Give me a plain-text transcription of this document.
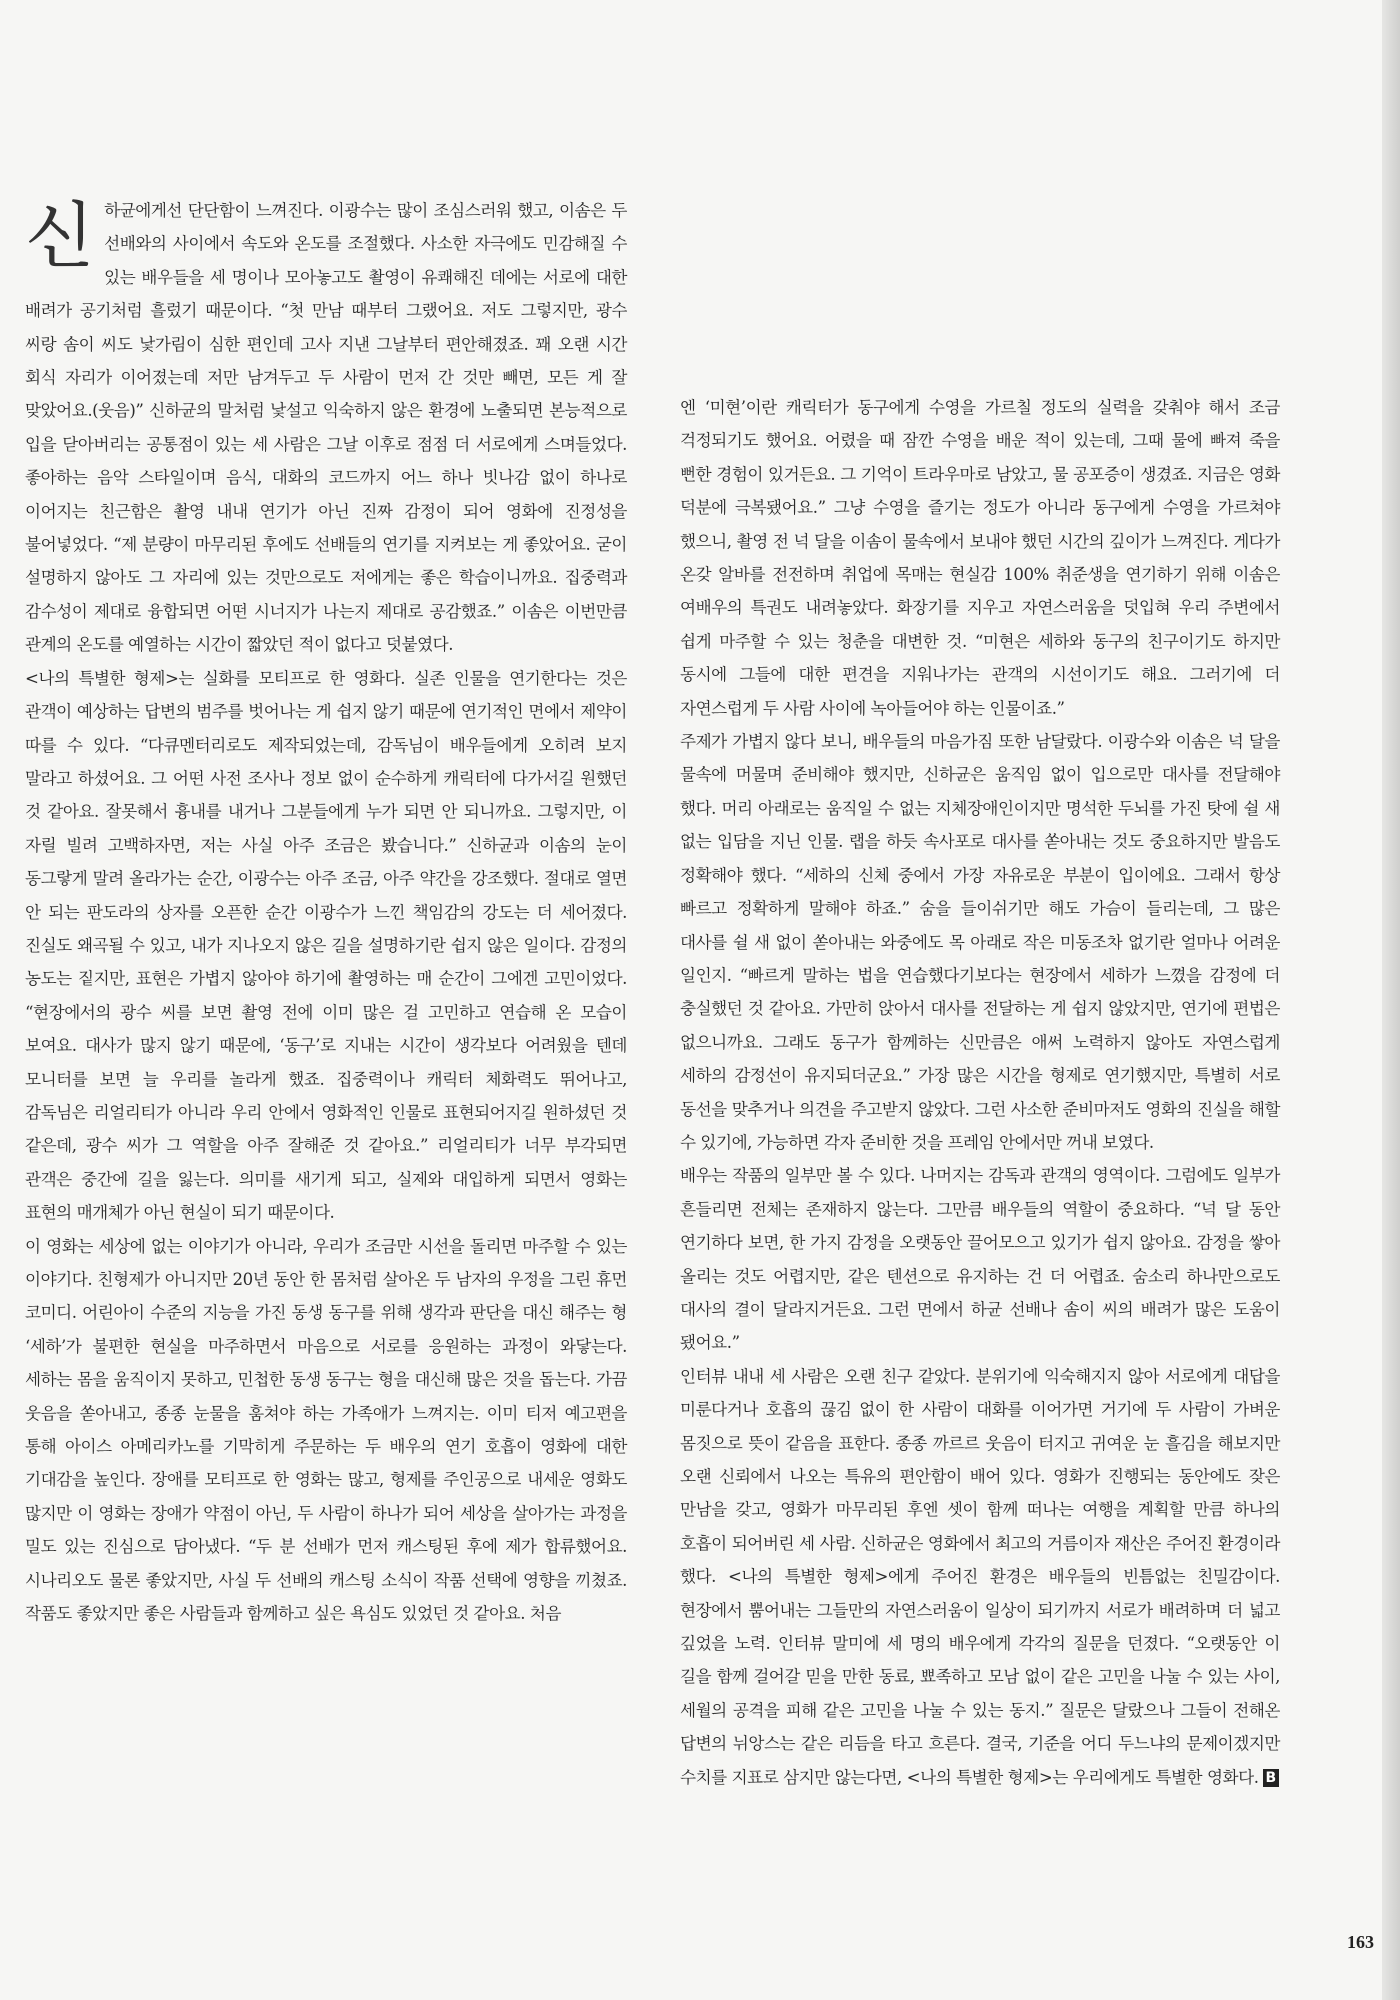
신하균에게선 단단함이 느껴진다. 이광수는 많이 조심스러워 했고, 이솜은 두 선배와의 사이에서 속도와 온도를 조절했다. 사소한 자극에도 민감해질 수 있는 배우들을 세 명이나 모아놓고도 촬영이 유쾌해진 데에는 서로에 대한 배려가 공기처럼 흘렀기 때문이다. “첫 만남 때부터 그랬어요. 저도 그렇지만, 광수 씨랑 솜이 씨도 낯가림이 심한 편인데 고사 지낸 그날부터 편안해졌죠. 꽤 오랜 시간 회식 자리가 이어졌는데 저만 남겨두고 두 사람이 먼저 간 것만 빼면, 모든 게 잘 맞았어요.(웃음)” 신하균의 말처럼 낯설고 익숙하지 않은 환경에 노출되면 본능적으로 입을 닫아버리는 공통점이 있는 세 사람은 그날 이후로 점점 더 서로에게 스며들었다. 좋아하는 음악 스타일이며 음식, 대화의 코드까지 어느 하나 빗나감 없이 하나로 이어지는 친근함은 촬영 내내 연기가 아닌 진짜 감정이 되어 영화에 진정성을 불어넣었다. “제 분량이 마무리된 후에도 선배들의 연기를 지켜보는 게 좋았어요. 굳이 설명하지 않아도 그 자리에 있는 것만으로도 저에게는 좋은 학습이니까요. 집중력과 감수성이 제대로 융합되면 어떤 시너지가 나는지 제대로 공감했죠.” 이솜은 이번만큼 관계의 온도를 예열하는 시간이 짧았던 적이 없다고 덧붙였다.

<나의 특별한 형제>는 실화를 모티프로 한 영화다. 실존 인물을 연기한다는 것은 관객이 예상하는 답변의 범주를 벗어나는 게 쉽지 않기 때문에 연기적인 면에서 제약이 따를 수 있다. “다큐멘터리로도 제작되었는데, 감독님이 배우들에게 오히려 보지 말라고 하셨어요. 그 어떤 사전 조사나 정보 없이 순수하게 캐릭터에 다가서길 원했던 것 같아요. 잘못해서 흉내를 내거나 그분들에게 누가 되면 안 되니까요. 그렇지만, 이 자릴 빌려 고백하자면, 저는 사실 아주 조금은 봤습니다.” 신하균과 이솜의 눈이 동그랗게 말려 올라가는 순간, 이광수는 아주 조금, 아주 약간을 강조했다. 절대로 열면 안 되는 판도라의 상자를 오픈한 순간 이광수가 느낀 책임감의 강도는 더 세어졌다. 진실도 왜곡될 수 있고, 내가 지나오지 않은 길을 설명하기란 쉽지 않은 일이다. 감정의 농도는 짙지만, 표현은 가볍지 않아야 하기에 촬영하는 매 순간이 그에겐 고민이었다. “현장에서의 광수 씨를 보면 촬영 전에 이미 많은 걸 고민하고 연습해 온 모습이 보여요. 대사가 많지 않기 때문에, ‘동구’로 지내는 시간이 생각보다 어려웠을 텐데 모니터를 보면 늘 우리를 놀라게 했죠. 집중력이나 캐릭터 체화력도 뛰어나고, 감독님은 리얼리티가 아니라 우리 안에서 영화적인 인물로 표현되어지길 원하셨던 것 같은데, 광수 씨가 그 역할을 아주 잘해준 것 같아요.” 리얼리티가 너무 부각되면 관객은 중간에 길을 잃는다. 의미를 새기게 되고, 실제와 대입하게 되면서 영화는 표현의 매개체가 아닌 현실이 되기 때문이다.

이 영화는 세상에 없는 이야기가 아니라, 우리가 조금만 시선을 돌리면 마주할 수 있는 이야기다. 친형제가 아니지만 20년 동안 한 몸처럼 살아온 두 남자의 우정을 그린 휴먼 코미디. 어린아이 수준의 지능을 가진 동생 동구를 위해 생각과 판단을 대신 해주는 형 ‘세하’가 불편한 현실을 마주하면서 마음으로 서로를 응원하는 과정이 와닿는다. 세하는 몸을 움직이지 못하고, 민첩한 동생 동구는 형을 대신해 많은 것을 돕는다. 가끔 웃음을 쏟아내고, 종종 눈물을 훔쳐야 하는 가족애가 느껴지는. 이미 티저 예고편을 통해 아이스 아메리카노를 기막히게 주문하는 두 배우의 연기 호흡이 영화에 대한 기대감을 높인다. 장애를 모티프로 한 영화는 많고, 형제를 주인공으로 내세운 영화도 많지만 이 영화는 장애가 약점이 아닌, 두 사람이 하나가 되어 세상을 살아가는 과정을 밀도 있는 진심으로 담아냈다. “두 분 선배가 먼저 캐스팅된 후에 제가 합류했어요. 시나리오도 물론 좋았지만, 사실 두 선배의 캐스팅 소식이 작품 선택에 영향을 끼쳤죠. 작품도 좋았지만 좋은 사람들과 함께하고 싶은 욕심도 있었던 것 같아요. 처음

엔 ‘미현’이란 캐릭터가 동구에게 수영을 가르칠 정도의 실력을 갖춰야 해서 조금 걱정되기도 했어요. 어렸을 때 잠깐 수영을 배운 적이 있는데, 그때 물에 빠져 죽을 뻔한 경험이 있거든요. 그 기억이 트라우마로 남았고, 물 공포증이 생겼죠. 지금은 영화 덕분에 극복됐어요.” 그냥 수영을 즐기는 정도가 아니라 동구에게 수영을 가르쳐야 했으니, 촬영 전 넉 달을 이솜이 물속에서 보내야 했던 시간의 깊이가 느껴진다. 게다가 온갖 알바를 전전하며 취업에 목매는 현실감 100% 취준생을 연기하기 위해 이솜은 여배우의 특권도 내려놓았다. 화장기를 지우고 자연스러움을 덧입혀 우리 주변에서 쉽게 마주할 수 있는 청춘을 대변한 것. “미현은 세하와 동구의 친구이기도 하지만 동시에 그들에 대한 편견을 지워나가는 관객의 시선이기도 해요. 그러기에 더 자연스럽게 두 사람 사이에 녹아들어야 하는 인물이죠.”

주제가 가볍지 않다 보니, 배우들의 마음가짐 또한 남달랐다. 이광수와 이솜은 넉 달을 물속에 머물며 준비해야 했지만, 신하균은 움직임 없이 입으로만 대사를 전달해야 했다. 머리 아래로는 움직일 수 없는 지체장애인이지만 명석한 두뇌를 가진 탓에 쉴 새 없는 입담을 지닌 인물. 랩을 하듯 속사포로 대사를 쏟아내는 것도 중요하지만 발음도 정확해야 했다. “세하의 신체 중에서 가장 자유로운 부분이 입이에요. 그래서 항상 빠르고 정확하게 말해야 하죠.” 숨을 들이쉬기만 해도 가슴이 들리는데, 그 많은 대사를 쉴 새 없이 쏟아내는 와중에도 목 아래로 작은 미동조차 없기란 얼마나 어려운 일인지. “빠르게 말하는 법을 연습했다기보다는 현장에서 세하가 느꼈을 감정에 더 충실했던 것 같아요. 가만히 앉아서 대사를 전달하는 게 쉽지 않았지만, 연기에 편법은 없으니까요. 그래도 동구가 함께하는 신만큼은 애써 노력하지 않아도 자연스럽게 세하의 감정선이 유지되더군요.” 가장 많은 시간을 형제로 연기했지만, 특별히 서로 동선을 맞추거나 의견을 주고받지 않았다. 그런 사소한 준비마저도 영화의 진실을 해할 수 있기에, 가능하면 각자 준비한 것을 프레임 안에서만 꺼내 보였다.

배우는 작품의 일부만 볼 수 있다. 나머지는 감독과 관객의 영역이다. 그럼에도 일부가 흔들리면 전체는 존재하지 않는다. 그만큼 배우들의 역할이 중요하다. “넉 달 동안 연기하다 보면, 한 가지 감정을 오랫동안 끌어모으고 있기가 쉽지 않아요. 감정을 쌓아 올리는 것도 어렵지만, 같은 텐션으로 유지하는 건 더 어렵죠. 숨소리 하나만으로도 대사의 결이 달라지거든요. 그런 면에서 하균 선배나 솜이 씨의 배려가 많은 도움이 됐어요.”

인터뷰 내내 세 사람은 오랜 친구 같았다. 분위기에 익숙해지지 않아 서로에게 대답을 미룬다거나 호흡의 끊김 없이 한 사람이 대화를 이어가면 거기에 두 사람이 가벼운 몸짓으로 뜻이 같음을 표한다. 종종 까르르 웃음이 터지고 귀여운 눈 흘김을 해보지만 오랜 신뢰에서 나오는 특유의 편안함이 배어 있다. 영화가 진행되는 동안에도 잦은 만남을 갖고, 영화가 마무리된 후엔 셋이 함께 떠나는 여행을 계획할 만큼 하나의 호흡이 되어버린 세 사람. 신하균은 영화에서 최고의 거름이자 재산은 주어진 환경이라 했다. <나의 특별한 형제>에게 주어진 환경은 배우들의 빈틈없는 친밀감이다. 현장에서 뿜어내는 그들만의 자연스러움이 일상이 되기까지 서로가 배려하며 더 넓고 깊었을 노력. 인터뷰 말미에 세 명의 배우에게 각각의 질문을 던졌다. “오랫동안 이 길을 함께 걸어갈 믿을 만한 동료, 뾰족하고 모남 없이 같은 고민을 나눌 수 있는 사이, 세월의 공격을 피해 같은 고민을 나눌 수 있는 동지.” 질문은 달랐으나 그들이 전해온 답변의 뉘앙스는 같은 리듬을 타고 흐른다. 결국, 기준을 어디 두느냐의 문제이겠지만 수치를 지표로 삼지만 않는다면, <나의 특별한 형제>는 우리에게도 특별한 영화다. B

163
